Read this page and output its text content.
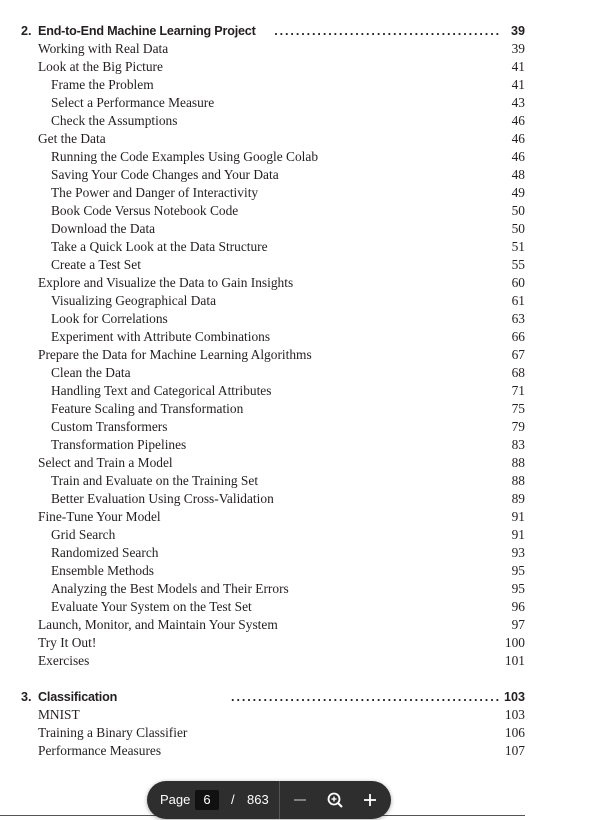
2. End-to-End Machine Learning Project	.......................................... 39
Working with Real Data	39
Look at the Big Picture	41
Frame the Problem	41
Select a Performance Measure	43
Check the Assumptions	46
Get the Data	46
Running the Code Examples Using Google Colab	46
Saving Your Code Changes and Your Data	48
The Power and Danger of Interactivity	49
Book Code Versus Notebook Code	50
Download the Data	50
Take a Quick Look at the Data Structure	51
Create a Test Set	55
Explore and Visualize the Data to Gain Insights	60
Visualizing Geographical Data	61
Look for Correlations	63
Experiment with Attribute Combinations	66
Prepare the Data for Machine Learning Algorithms	67
Clean the Data	68
Handling Text and Categorical Attributes	71
Feature Scaling and Transformation	75
Custom Transformers	79
Transformation Pipelines	83
Select and Train a Model	88
Train and Evaluate on the Training Set	88
Better Evaluation Using Cross-Validation	89
Fine-Tune Your Model	91
Grid Search	91
Randomized Search	93
Ensemble Methods	95
Analyzing the Best Models and Their Errors	95
Evaluate Your System on the Test Set	96
Launch, Monitor, and Maintain Your System	97
Try It Out!	100
Exercises	101
3. Classification	.................................................. 103
MNIST	103
Training a Binary Classifier	106
Performance Measures	107
Page	6	/ 863
